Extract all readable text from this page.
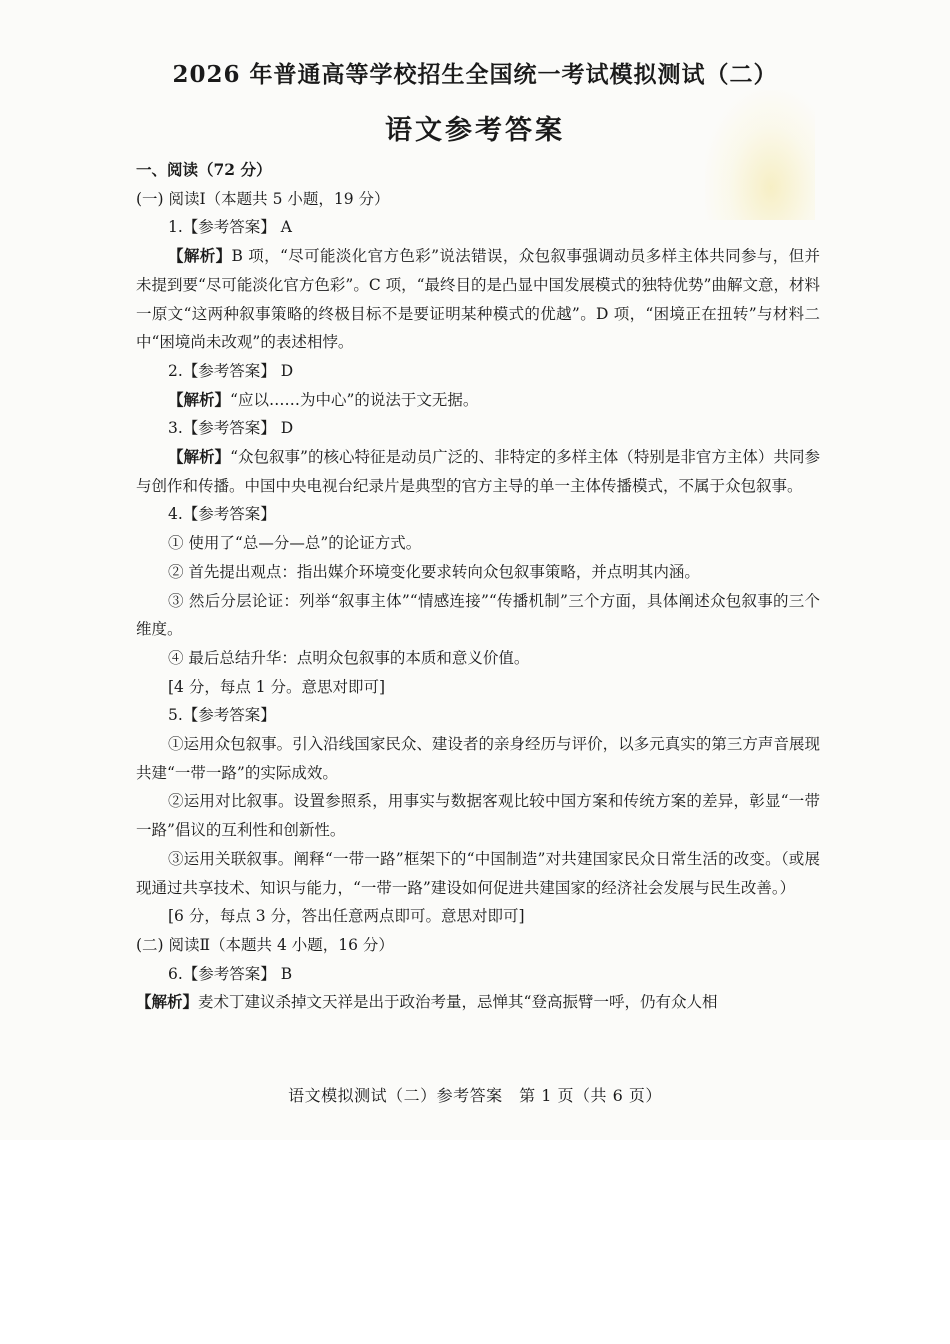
2026 年普通高等学校招生全国统一考试模拟测试（二）
语文参考答案

一、阅读（72 分）

(一) 阅读Ⅰ（本题共 5 小题，19 分）

1.【参考答案】 A

【解析】B 项，“尽可能淡化官方色彩”说法错误，众包叙事强调动员多样主体共同参与，但并未提到要“尽可能淡化官方色彩”。C 项，“最终目的是凸显中国发展模式的独特优势”曲解文意，材料一原文“这两种叙事策略的终极目标不是要证明某种模式的优越”。D 项，“困境正在扭转”与材料二中“困境尚未改观”的表述相悖。

2.【参考答案】 D

【解析】“应以……为中心”的说法于文无据。

3.【参考答案】 D

【解析】“众包叙事”的核心特征是动员广泛的、非特定的多样主体（特别是非官方主体）共同参与创作和传播。中国中央电视台纪录片是典型的官方主导的单一主体传播模式，不属于众包叙事。

4.【参考答案】

① 使用了“总—分—总”的论证方式。

② 首先提出观点：指出媒介环境变化要求转向众包叙事策略，并点明其内涵。

③ 然后分层论证：列举“叙事主体”“情感连接”“传播机制”三个方面，具体阐述众包叙事的三个维度。

④ 最后总结升华：点明众包叙事的本质和意义价值。

[4 分，每点 1 分。意思对即可]

5.【参考答案】

①运用众包叙事。引入沿线国家民众、建设者的亲身经历与评价，以多元真实的第三方声音展现共建“一带一路”的实际成效。

②运用对比叙事。设置参照系，用事实与数据客观比较中国方案和传统方案的差异，彰显“一带一路”倡议的互利性和创新性。

③运用关联叙事。阐释“一带一路”框架下的“中国制造”对共建国家民众日常生活的改变。（或展现通过共享技术、知识与能力，“一带一路”建设如何促进共建国家的经济社会发展与民生改善。）

[6 分，每点 3 分，答出任意两点即可。意思对即可]

(二) 阅读Ⅱ（本题共 4 小题，16 分）

6.【参考答案】 B

【解析】麦术丁建议杀掉文天祥是出于政治考量，忌惮其“登高振臂一呼，仍有众人相

语文模拟测试（二）参考答案　第 1 页（共 6 页）
